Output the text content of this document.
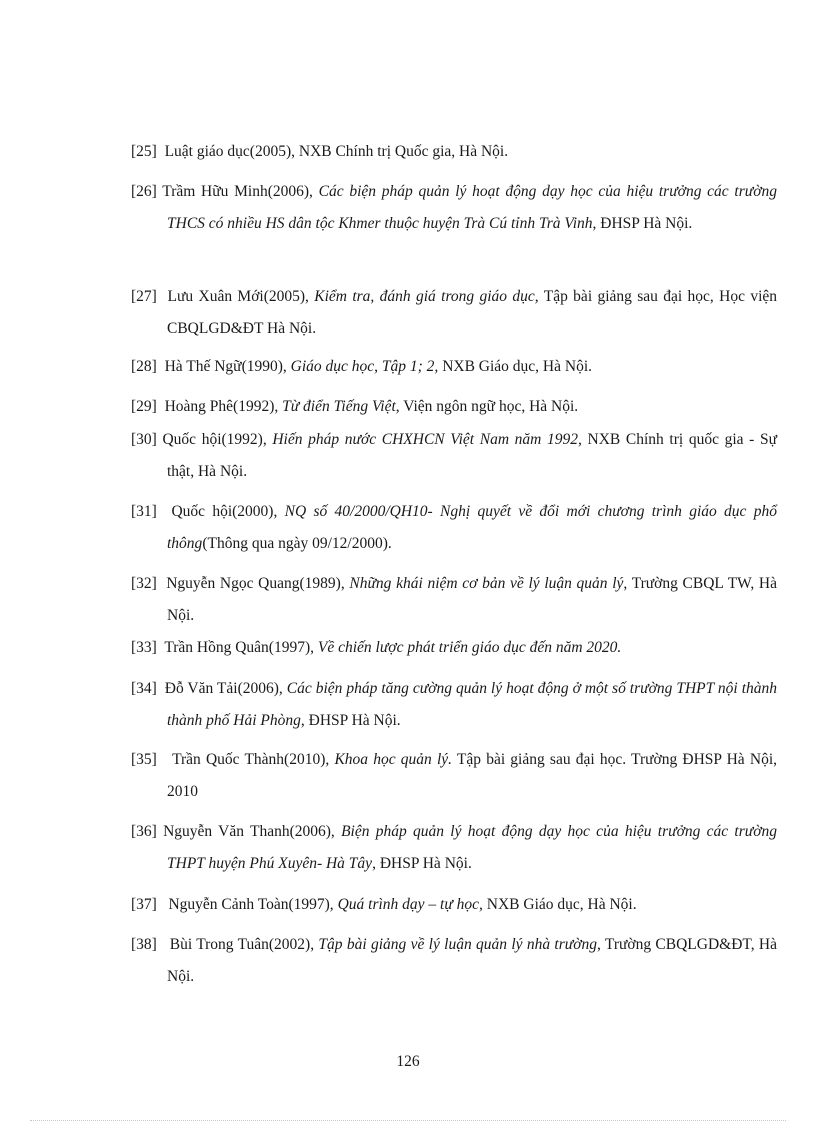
[25] Luật giáo dục(2005), NXB Chính trị Quốc gia, Hà Nội.
[26] Trầm Hữu Minh(2006), Các biện pháp quản lý hoạt động dạy học của hiệu trưởng các trường THCS có nhiều HS dân tộc Khmer thuộc huyện Trà Cú tỉnh Trà Vinh, ĐHSP Hà Nội.
[27] Lưu Xuân Mới(2005), Kiểm tra, đánh giá trong giáo dục, Tập bài giảng sau đại học, Học viện CBQLGD&ĐT Hà Nội.
[28] Hà Thế Ngữ(1990), Giáo dục học, Tập 1; 2, NXB Giáo dục, Hà Nội.
[29] Hoàng Phê(1992), Từ điển Tiếng Việt, Viện ngôn ngữ học, Hà Nội.
[30] Quốc hội(1992), Hiến pháp nước CHXHCN Việt Nam năm 1992, NXB Chính trị quốc gia - Sự thật, Hà Nội.
[31] Quốc hội(2000), NQ số 40/2000/QH10- Nghị quyết về đổi mới chương trình giáo dục phổ thông(Thông qua ngày 09/12/2000).
[32] Nguyễn Ngọc Quang(1989), Những khái niệm cơ bản về lý luận quản lý, Trường CBQL TW, Hà Nội.
[33] Trần Hồng Quân(1997), Về chiến lược phát triển giáo dục đến năm 2020.
[34] Đỗ Văn Tải(2006), Các biện pháp tăng cường quản lý hoạt động ở một số trường THPT nội thành thành phố Hải Phòng, ĐHSP Hà Nội.
[35] Trần Quốc Thành(2010), Khoa học quản lý. Tập bài giảng sau đại học. Trường ĐHSP Hà Nội, 2010
[36] Nguyễn Văn Thanh(2006), Biện pháp quản lý hoạt động dạy học của hiệu trưởng các trường THPT huyện Phú Xuyên- Hà Tây, ĐHSP Hà Nội.
[37] Nguyễn Cảnh Toàn(1997), Quá trình dạy – tự học, NXB Giáo dục, Hà Nội.
[38] Bùi Trong Tuân(2002), Tập bài giảng về lý luận quản lý nhà trường, Trường CBQLGD&ĐT, Hà Nội.
126
